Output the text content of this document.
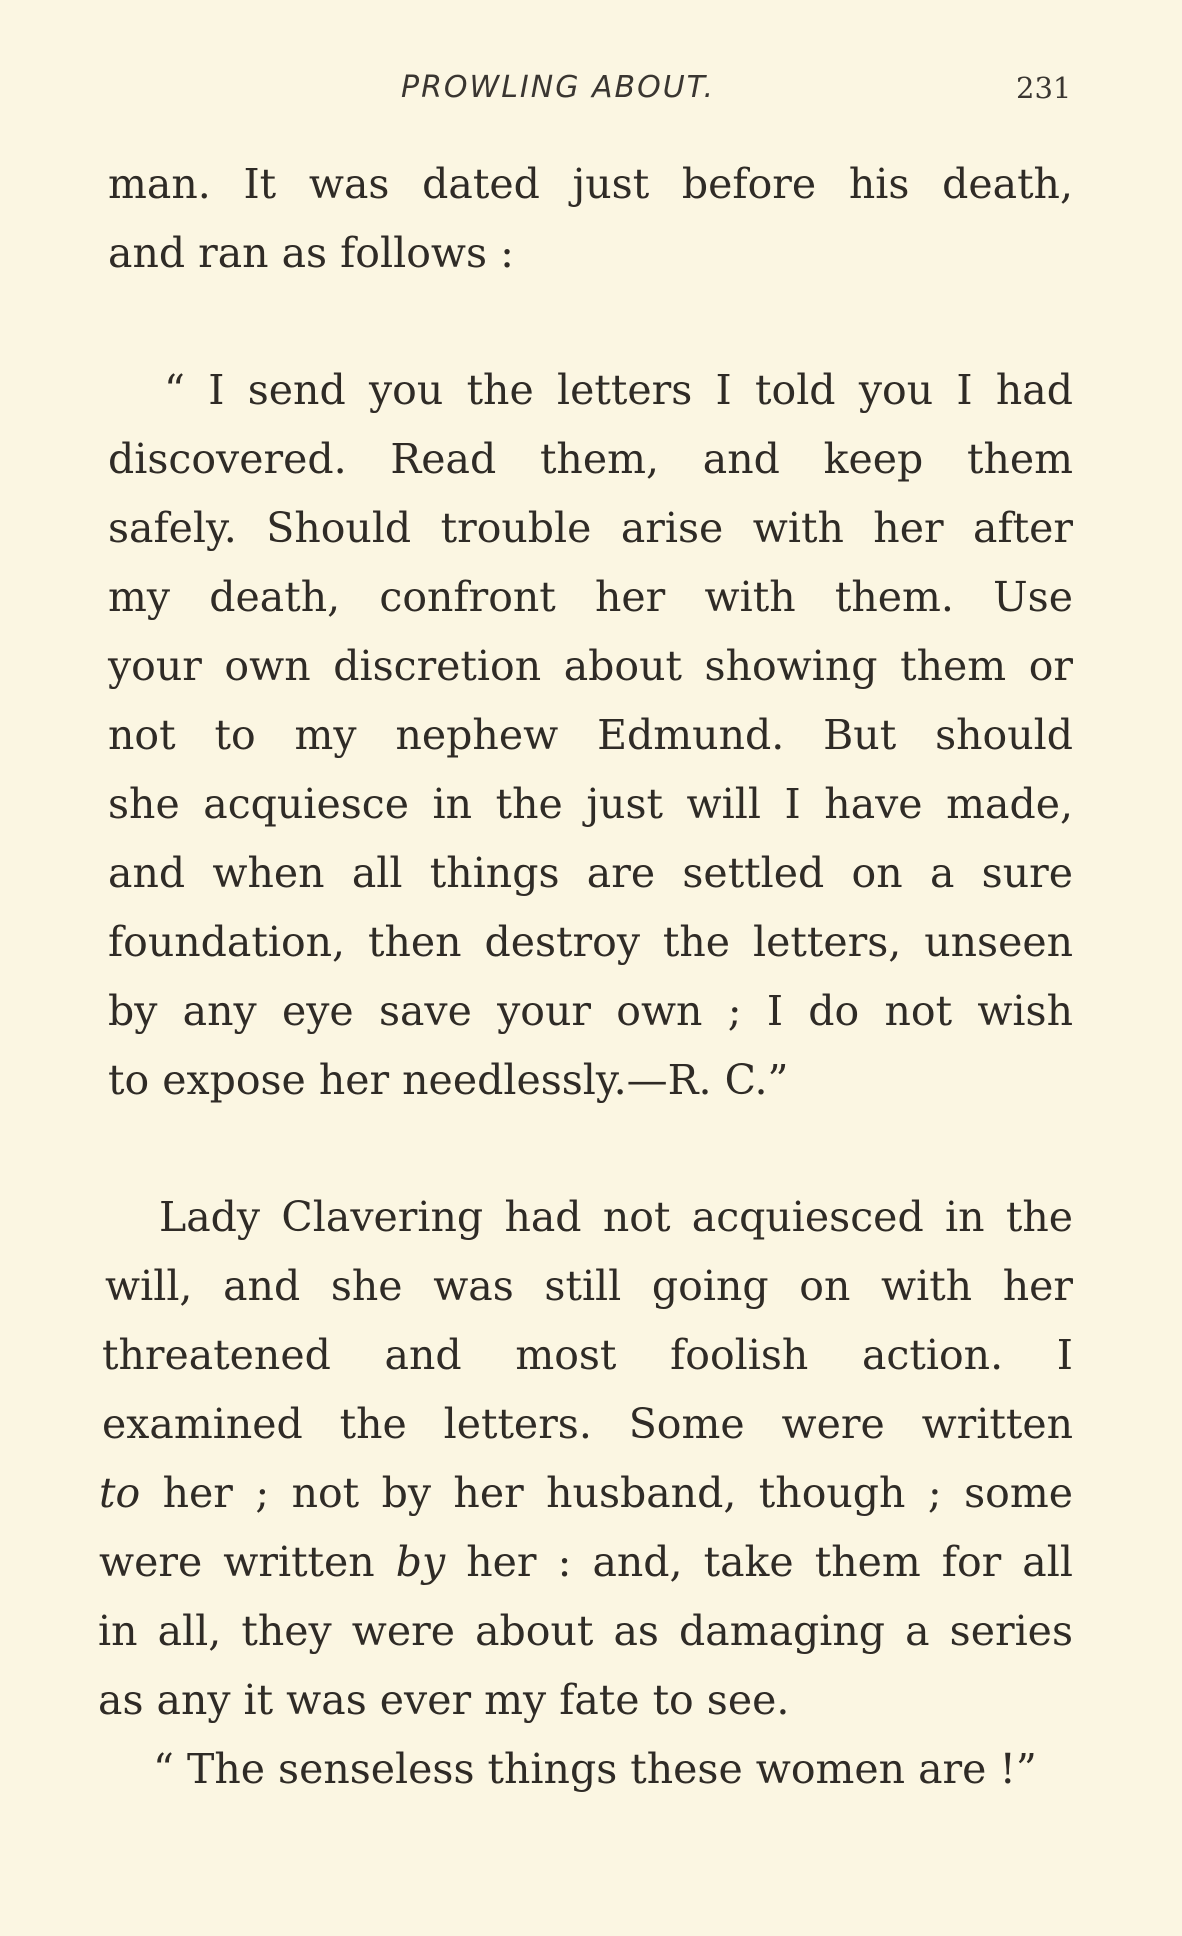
PROWLING ABOUT.	231
man. It was dated just before his death,
and ran as follows :
“ I send you the letters I told you I had
discovered. Read them, and keep them
safely. Should trouble arise with her after
my death, confront her with them. Use
your own discretion about showing them or
not to my nephew Edmund. But should
she acquiesce in the just will I have made,
and when all things are settled on a sure
foundation, then destroy the letters, unseen
by any eye save your own ; I do not wish
to expose her needlessly.—R. C.”
Lady Clavering had not acquiesced in the
will, and she was still going on with her
threatened and most foolish action. I
examined the letters. Some were written
to her ; not by her husband, though ; some
were written by her : and, take them for all
in all, they were about as damaging a series
as any it was ever my fate to see.
“ The senseless things these women are !”
